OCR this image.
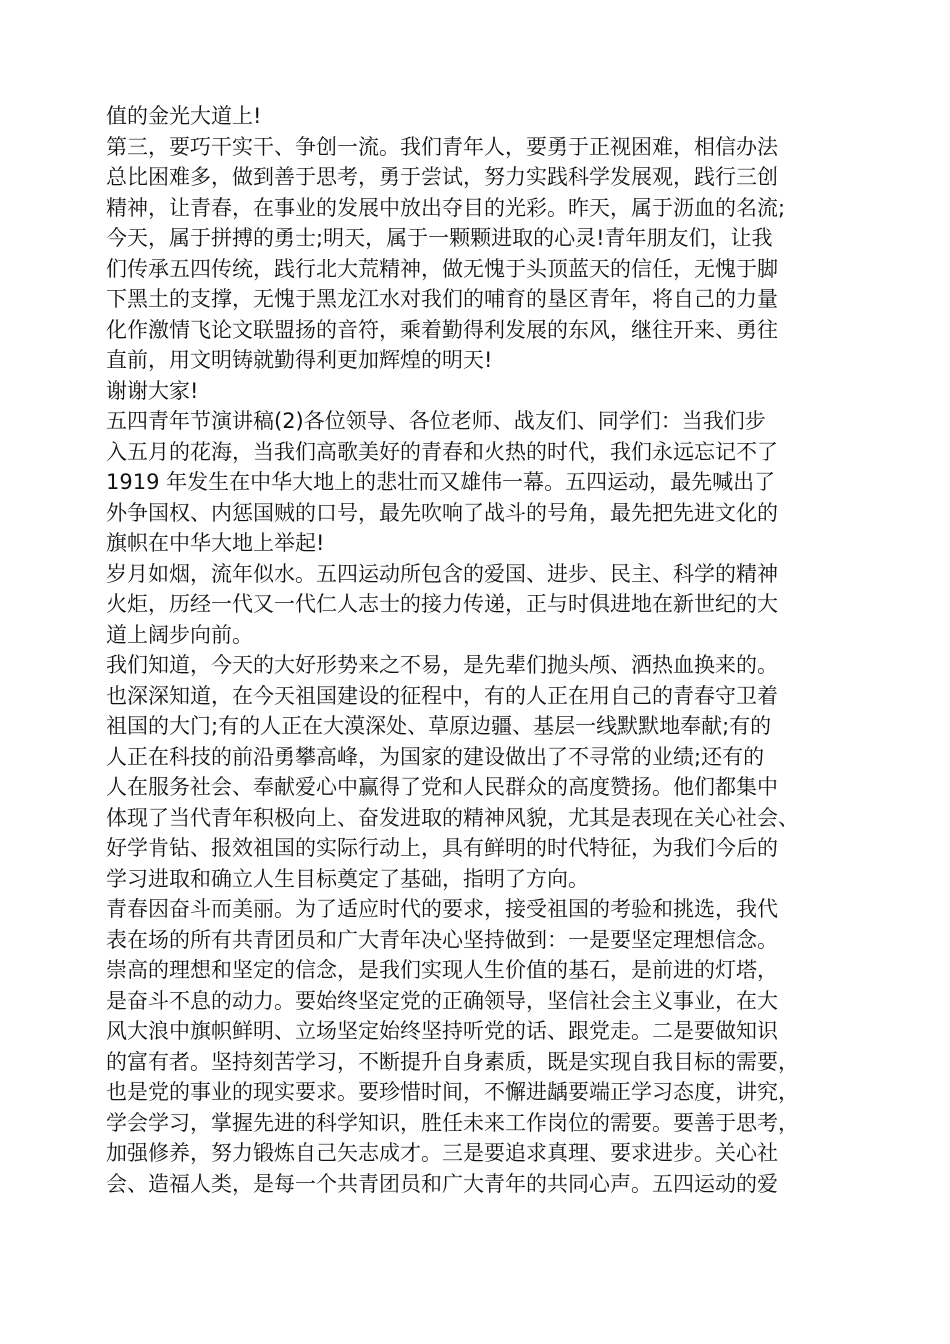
值的金光大道上!
第三，要巧干实干、争创一流。我们青年人，要勇于正视困难，相信办法
总比困难多，做到善于思考，勇于尝试，努力实践科学发展观，践行三创
精神，让青春，在事业的发展中放出夺目的光彩。昨天，属于沥血的名流;
今天，属于拼搏的勇士;明天，属于一颗颗进取的心灵!青年朋友们，让我
们传承五四传统，践行北大荒精神，做无愧于头顶蓝天的信任，无愧于脚
下黑土的支撑，无愧于黑龙江水对我们的哺育的垦区青年，将自己的力量
化作激情飞论文联盟扬的音符，乘着勤得利发展的东风，继往开来、勇往
直前，用文明铸就勤得利更加辉煌的明天!
谢谢大家!
五四青年节演讲稿(2)各位领导、各位老师、战友们、同学们：当我们步
入五月的花海，当我们高歌美好的青春和火热的时代，我们永远忘记不了
1919 年发生在中华大地上的悲壮而又雄伟一幕。五四运动，最先喊出了
外争国权、内惩国贼的口号，最先吹响了战斗的号角，最先把先进文化的
旗帜在中华大地上举起!
岁月如烟，流年似水。五四运动所包含的爱国、进步、民主、科学的精神
火炬，历经一代又一代仁人志士的接力传递，正与时俱进地在新世纪的大
道上阔步向前。
我们知道，今天的大好形势来之不易，是先辈们抛头颅、洒热血换来的。
也深深知道，在今天祖国建设的征程中，有的人正在用自己的青春守卫着
祖国的大门;有的人正在大漠深处、草原边疆、基层一线默默地奉献;有的
人正在科技的前沿勇攀高峰，为国家的建设做出了不寻常的业绩;还有的
人在服务社会、奉献爱心中赢得了党和人民群众的高度赞扬。他们都集中
体现了当代青年积极向上、奋发进取的精神风貌，尤其是表现在关心社会、
好学肯钻、报效祖国的实际行动上，具有鲜明的时代特征，为我们今后的
学习进取和确立人生目标奠定了基础，指明了方向。
青春因奋斗而美丽。为了适应时代的要求，接受祖国的考验和挑选，我代
表在场的所有共青团员和广大青年决心坚持做到：一是要坚定理想信念。
崇高的理想和坚定的信念，是我们实现人生价值的基石，是前进的灯塔，
是奋斗不息的动力。要始终坚定党的正确领导，坚信社会主义事业，在大
风大浪中旗帜鲜明、立场坚定始终坚持听党的话、跟党走。二是要做知识
的富有者。坚持刻苦学习，不断提升自身素质，既是实现自我目标的需要，
也是党的事业的现实要求。要珍惜时间，不懈进龋要端正学习态度，讲究，
学会学习，掌握先进的科学知识，胜任未来工作岗位的需要。要善于思考，
加强修养，努力锻炼自己矢志成才。三是要追求真理、要求进步。关心社
会、造福人类，是每一个共青团员和广大青年的共同心声。五四运动的爱
